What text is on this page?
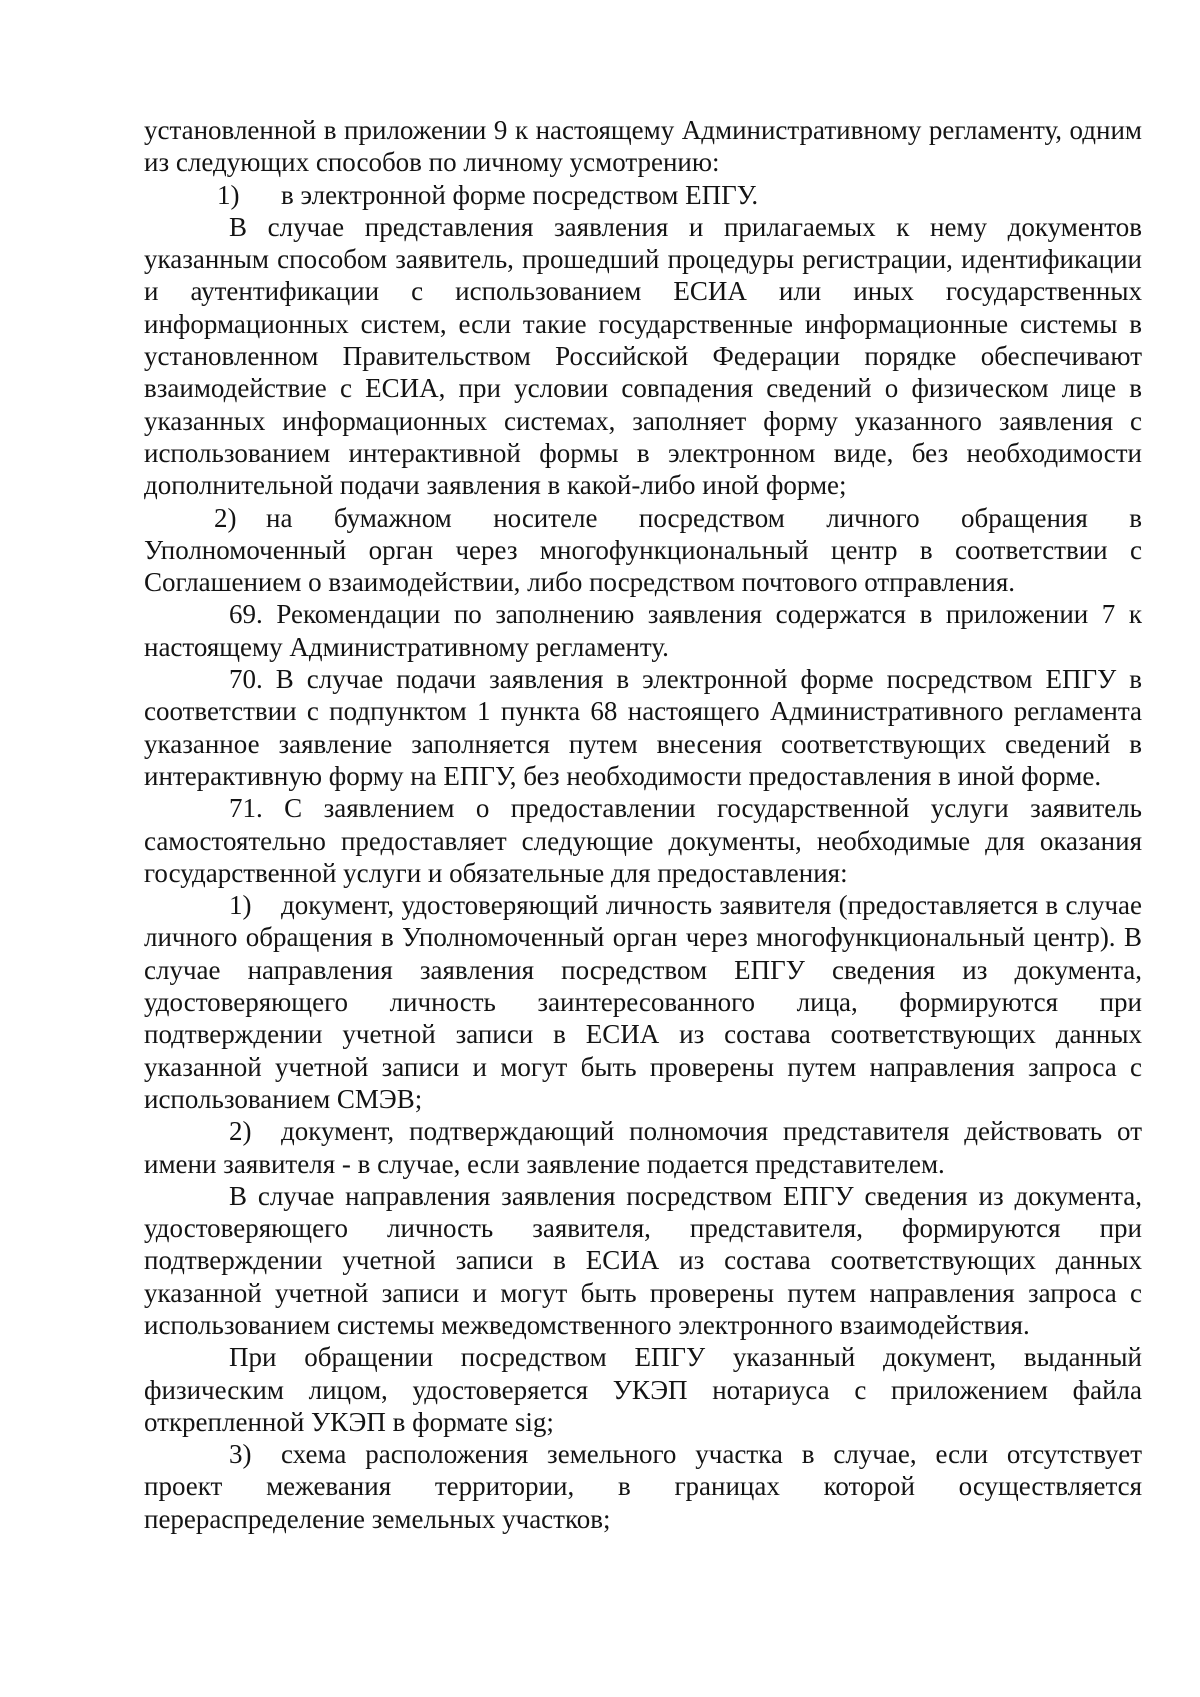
установленной в приложении 9 к настоящему Административному регламенту, одним из следующих способов по личному усмотрению:

1) в электронной форме посредством ЕПГУ.

В случае представления заявления и прилагаемых к нему документов указанным способом заявитель, прошедший процедуры регистрации, идентификации и аутентификации с использованием ЕСИА или иных государственных информационных систем, если такие государственные информационные системы в установленном Правительством Российской Федерации порядке обеспечивают взаимодействие с ЕСИА, при условии совпадения сведений о физическом лице в указанных информационных системах, заполняет форму указанного заявления с использованием интерактивной формы в электронном виде, без необходимости дополнительной подачи заявления в какой-либо иной форме;

2) на бумажном носителе посредством личного обращения в Уполномоченный орган через многофункциональный центр в соответствии с Соглашением о взаимодействии, либо посредством почтового отправления.

69. Рекомендации по заполнению заявления содержатся в приложении 7 к настоящему Административному регламенту.

70. В случае подачи заявления в электронной форме посредством ЕПГУ в соответствии с подпунктом 1 пункта 68 настоящего Административного регламента указанное заявление заполняется путем внесения соответствующих сведений в интерактивную форму на ЕПГУ, без необходимости предоставления в иной форме.

71. С заявлением о предоставлении государственной услуги заявитель самостоятельно предоставляет следующие документы, необходимые для оказания государственной услуги и обязательные для предоставления:

1) документ, удостоверяющий личность заявителя (предоставляется в случае личного обращения в Уполномоченный орган через многофункциональный центр). В случае направления заявления посредством ЕПГУ сведения из документа, удостоверяющего личность заинтересованного лица, формируются при подтверждении учетной записи в ЕСИА из состава соответствующих данных указанной учетной записи и могут быть проверены путем направления запроса с использованием СМЭВ;

2) документ, подтверждающий полномочия представителя действовать от имени заявителя - в случае, если заявление подается представителем.

В случае направления заявления посредством ЕПГУ сведения из документа, удостоверяющего личность заявителя, представителя, формируются при подтверждении учетной записи в ЕСИА из состава соответствующих данных указанной учетной записи и могут быть проверены путем направления запроса с использованием системы межведомственного электронного взаимодействия.

При обращении посредством ЕПГУ указанный документ, выданный физическим лицом, удостоверяется УКЭП нотариуса с приложением файла открепленной УКЭП в формате sig;

3) схема расположения земельного участка в случае, если отсутствует проект межевания территории, в границах которой осуществляется перераспределение земельных участков;
